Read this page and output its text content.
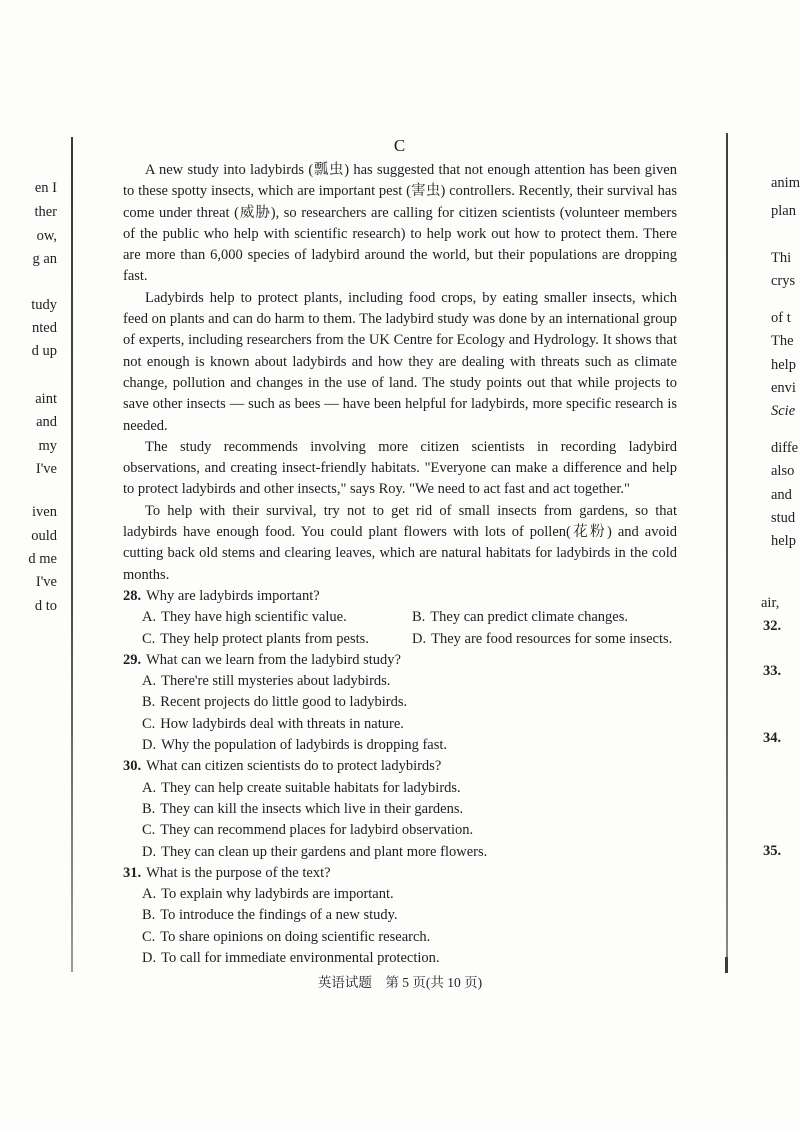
en I
ther
ow,
g an
tudy
nted
d up
aint
and
my
I've
iven
ould
d me
I've
d to
anim
plan
Thi
crys
of t
The
help
envi
Scie
diffe
also
and
stud
help
air,
32.
33.
34.
35.
C

A new study into ladybirds (瓢虫) has suggested that not enough attention has been given to these spotty insects, which are important pest (害虫) controllers. Recently, their survival has come under threat (威胁), so researchers are calling for citizen scientists (volunteer members of the public who help with scientific research) to help work out how to protect them. There are more than 6,000 species of ladybird around the world, but their populations are dropping fast.

Ladybirds help to protect plants, including food crops, by eating smaller insects, which feed on plants and can do harm to them. The ladybird study was done by an international group of experts, including researchers from the UK Centre for Ecology and Hydrology. It shows that not enough is known about ladybirds and how they are dealing with threats such as climate change, pollution and changes in the use of land. The study points out that while projects to save other insects — such as bees — have been helpful for ladybirds, more specific research is needed.

The study recommends involving more citizen scientists in recording ladybird observations, and creating insect-friendly habitats. "Everyone can make a difference and help to protect ladybirds and other insects," says Roy. "We need to act fast and act together."

To help with their survival, try not to get rid of small insects from gardens, so that ladybirds have enough food. You could plant flowers with lots of pollen(花粉) and avoid cutting back old stems and clearing leaves, which are natural habitats for ladybirds in the cold months.

28. Why are ladybirds important?
A. They have high scientific value.	B. They can predict climate changes.
C. They help protect plants from pests.	D. They are food resources for some insects.
29. What can we learn from the ladybird study?
A. There're still mysteries about ladybirds.
B. Recent projects do little good to ladybirds.
C. How ladybirds deal with threats in nature.
D. Why the population of ladybirds is dropping fast.
30. What can citizen scientists do to protect ladybirds?
A. They can help create suitable habitats for ladybirds.
B. They can kill the insects which live in their gardens.
C. They can recommend places for ladybird observation.
D. They can clean up their gardens and plant more flowers.
31. What is the purpose of the text?
A. To explain why ladybirds are important.
B. To introduce the findings of a new study.
C. To share opinions on doing scientific research.
D. To call for immediate environmental protection.
英语试题　第 5 页(共 10 页)
